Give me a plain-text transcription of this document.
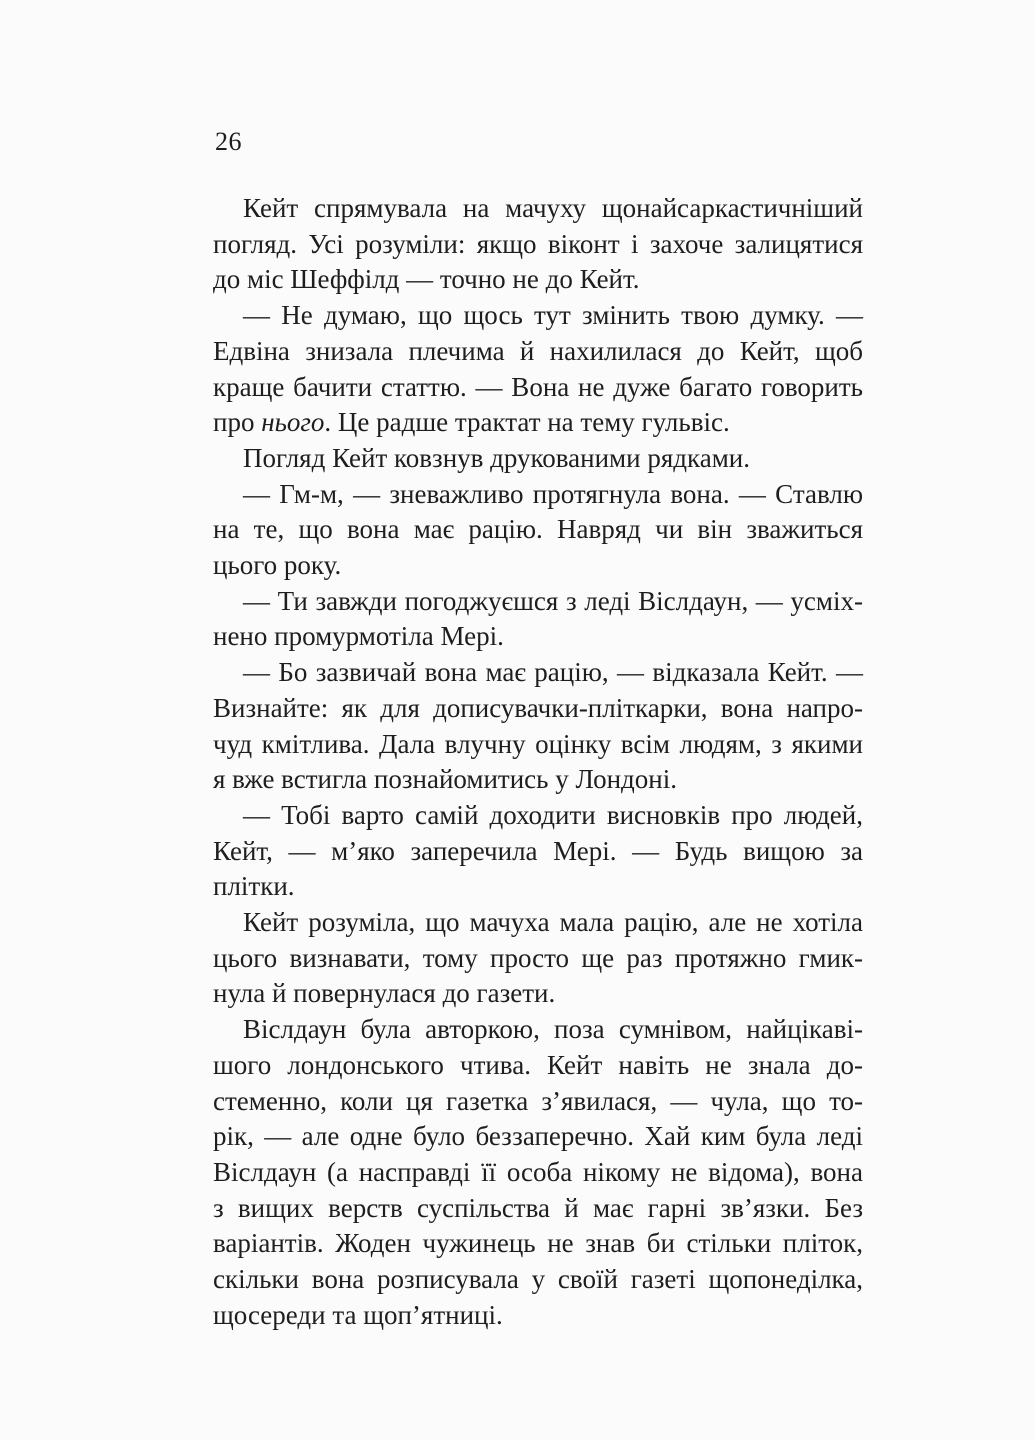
26
Кейт спрямувала на мачуху щонайсаркастичніший
погляд. Усі розуміли: якщо віконт і захоче залицятися
до міс Шеффілд — точно не до Кейт.
— Не думаю, що щось тут змінить твою думку. —
Едвіна знизала плечима й нахилилася до Кейт, щоб
краще бачити статтю. — Вона не дуже багато говорить
про нього. Це радше трактат на тему гульвіс.
Погляд Кейт ковзнув друкованими рядками.
— Гм-м, — зневажливо протягнула вона. — Ставлю
на те, що вона має рацію. Навряд чи він зважиться
цього року.
— Ти завжди погоджуєшся з леді Віслдаун, — усміх-
нено промурмотіла Мері.
— Бо зазвичай вона має рацію, — відказала Кейт. —
Визнайте: як для дописувачки-пліткарки, вона напро-
чуд кмітлива. Дала влучну оцінку всім людям, з якими
я вже встигла познайомитись у Лондоні.
— Тобі варто самій доходити висновків про людей,
Кейт, — м’яко заперечила Мері. — Будь вищою за плітки.
Кейт розуміла, що мачуха мала рацію, але не хотіла
цього визнавати, тому просто ще раз протяжно гмик-
нула й повернулася до газети.
Віслдаун була авторкою, поза сумнівом, найцікаві-
шого лондонського чтива. Кейт навіть не знала до-
стеменно, коли ця газетка з’явилася, — чула, що то-
рік, — але одне було беззаперечно. Хай ким була леді
Віслдаун (а насправді її особа нікому не відома), вона
з вищих верств суспільства й має гарні зв’язки. Без
варіантів. Жоден чужинець не знав би стільки пліток,
скільки вона розписувала у своїй газеті щопонеділка,
щосереди та щоп’ятниці.
